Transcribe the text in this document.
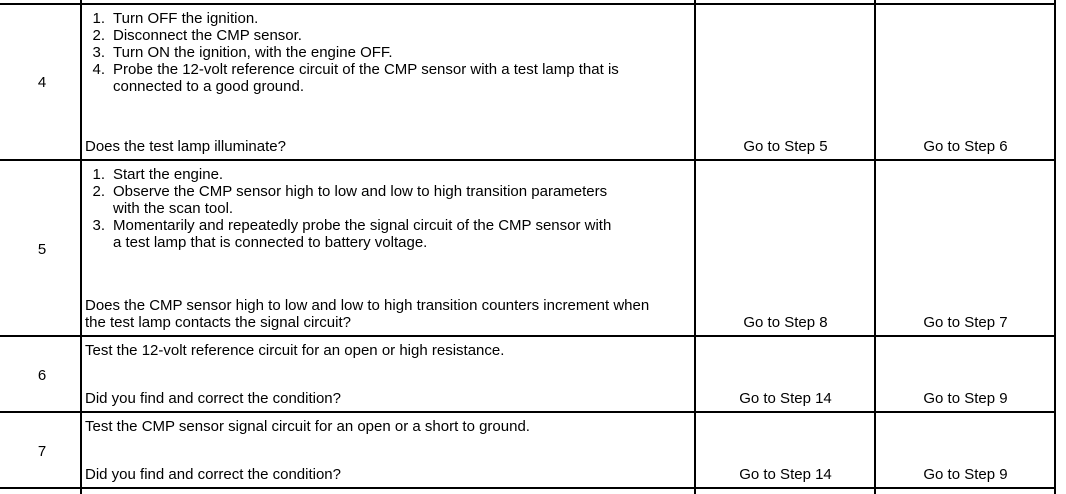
4
1. Turn OFF the ignition.
2. Disconnect the CMP sensor.
3. Turn ON the ignition, with the engine OFF.
4. Probe the 12-volt reference circuit of the CMP sensor with a test lamp that is connected to a good ground.
Does the test lamp illuminate?	Go to Step 5	Go to Step 6
5
1. Start the engine.
2. Observe the CMP sensor high to low and low to high transition parameters with the scan tool.
3. Momentarily and repeatedly probe the signal circuit of the CMP sensor with a test lamp that is connected to battery voltage.
Does the CMP sensor high to low and low to high transition counters increment when the test lamp contacts the signal circuit?	Go to Step 8	Go to Step 7
6
Test the 12-volt reference circuit for an open or high resistance.
Did you find and correct the condition?	Go to Step 14	Go to Step 9
7
Test the CMP sensor signal circuit for an open or a short to ground.
Did you find and correct the condition?	Go to Step 14	Go to Step 9
